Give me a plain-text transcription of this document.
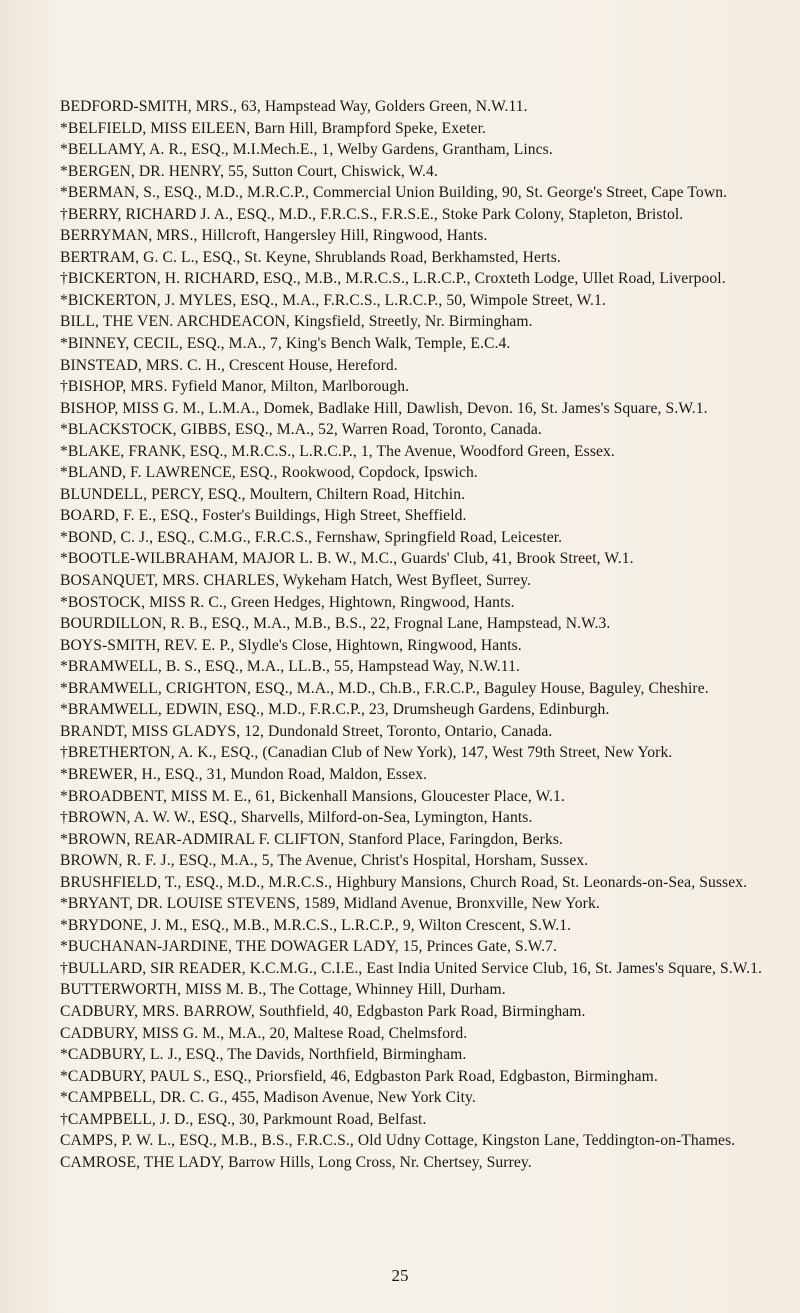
BEDFORD-SMITH, MRS., 63, Hampstead Way, Golders Green, N.W.11.

*BELFIELD, MISS EILEEN, Barn Hill, Brampford Speke, Exeter.

*BELLAMY, A. R., ESQ., M.I.Mech.E., 1, Welby Gardens, Grantham, Lincs.

*BERGEN, DR. HENRY, 55, Sutton Court, Chiswick, W.4.

*BERMAN, S., ESQ., M.D., M.R.C.P., Commercial Union Building, 90, St. George's Street, Cape Town.

†BERRY, RICHARD J. A., ESQ., M.D., F.R.C.S., F.R.S.E., Stoke Park Colony, Stapleton, Bristol.

BERRYMAN, MRS., Hillcroft, Hangersley Hill, Ringwood, Hants.

BERTRAM, G. C. L., ESQ., St. Keyne, Shrublands Road, Berkhamsted, Herts.

†BICKERTON, H. RICHARD, ESQ., M.B., M.R.C.S., L.R.C.P., Croxteth Lodge, Ullet Road, Liverpool.

*BICKERTON, J. MYLES, ESQ., M.A., F.R.C.S., L.R.C.P., 50, Wimpole Street, W.1.

BILL, THE VEN. ARCHDEACON, Kingsfield, Streetly, Nr. Birmingham.

*BINNEY, CECIL, ESQ., M.A., 7, King's Bench Walk, Temple, E.C.4.

BINSTEAD, MRS. C. H., Crescent House, Hereford.

†BISHOP, MRS. Fyfield Manor, Milton, Marlborough.

BISHOP, MISS G. M., L.M.A., Domek, Badlake Hill, Dawlish, Devon. 16, St. James's Square, S.W.1.

*BLACKSTOCK, GIBBS, ESQ., M.A., 52, Warren Road, Toronto, Canada.

*BLAKE, FRANK, ESQ., M.R.C.S., L.R.C.P., 1, The Avenue, Woodford Green, Essex.

*BLAND, F. LAWRENCE, ESQ., Rookwood, Copdock, Ipswich.

BLUNDELL, PERCY, ESQ., Moultern, Chiltern Road, Hitchin.

BOARD, F. E., ESQ., Foster's Buildings, High Street, Sheffield.

*BOND, C. J., ESQ., C.M.G., F.R.C.S., Fernshaw, Springfield Road, Leicester.

*BOOTLE-WILBRAHAM, MAJOR L. B. W., M.C., Guards' Club, 41, Brook Street, W.1.

BOSANQUET, MRS. CHARLES, Wykeham Hatch, West Byfleet, Surrey.

*BOSTOCK, MISS R. C., Green Hedges, Hightown, Ringwood, Hants.

BOURDILLON, R. B., ESQ., M.A., M.B., B.S., 22, Frognal Lane, Hampstead, N.W.3.

BOYS-SMITH, REV. E. P., Slydle's Close, Hightown, Ringwood, Hants.

*BRAMWELL, B. S., ESQ., M.A., LL.B., 55, Hampstead Way, N.W.11.

*BRAMWELL, CRIGHTON, ESQ., M.A., M.D., Ch.B., F.R.C.P., Baguley House, Baguley, Cheshire.

*BRAMWELL, EDWIN, ESQ., M.D., F.R.C.P., 23, Drumsheugh Gardens, Edinburgh.

BRANDT, MISS GLADYS, 12, Dundonald Street, Toronto, Ontario, Canada.

†BRETHERTON, A. K., ESQ., (Canadian Club of New York), 147, West 79th Street, New York.

*BREWER, H., ESQ., 31, Mundon Road, Maldon, Essex.

*BROADBENT, MISS M. E., 61, Bickenhall Mansions, Gloucester Place, W.1.

†BROWN, A. W. W., ESQ., Sharvells, Milford-on-Sea, Lymington, Hants.

*BROWN, REAR-ADMIRAL F. CLIFTON, Stanford Place, Faringdon, Berks.

BROWN, R. F. J., ESQ., M.A., 5, The Avenue, Christ's Hospital, Horsham, Sussex.

BRUSHFIELD, T., ESQ., M.D., M.R.C.S., Highbury Mansions, Church Road, St. Leonards-on-Sea, Sussex.

*BRYANT, DR. LOUISE STEVENS, 1589, Midland Avenue, Bronxville, New York.

*BRYDONE, J. M., ESQ., M.B., M.R.C.S., L.R.C.P., 9, Wilton Crescent, S.W.1.

*BUCHANAN-JARDINE, THE DOWAGER LADY, 15, Princes Gate, S.W.7.

†BULLARD, SIR READER, K.C.M.G., C.I.E., East India United Service Club, 16, St. James's Square, S.W.1.

BUTTERWORTH, MISS M. B., The Cottage, Whinney Hill, Durham.

CADBURY, MRS. BARROW, Southfield, 40, Edgbaston Park Road, Birmingham.

CADBURY, MISS G. M., M.A., 20, Maltese Road, Chelmsford.

*CADBURY, L. J., ESQ., The Davids, Northfield, Birmingham.

*CADBURY, PAUL S., ESQ., Priorsfield, 46, Edgbaston Park Road, Edgbaston, Birmingham.

*CAMPBELL, DR. C. G., 455, Madison Avenue, New York City.

†CAMPBELL, J. D., ESQ., 30, Parkmount Road, Belfast.

CAMPS, P. W. L., ESQ., M.B., B.S., F.R.C.S., Old Udny Cottage, Kingston Lane, Teddington-on-Thames.

CAMROSE, THE LADY, Barrow Hills, Long Cross, Nr. Chertsey, Surrey.

25
